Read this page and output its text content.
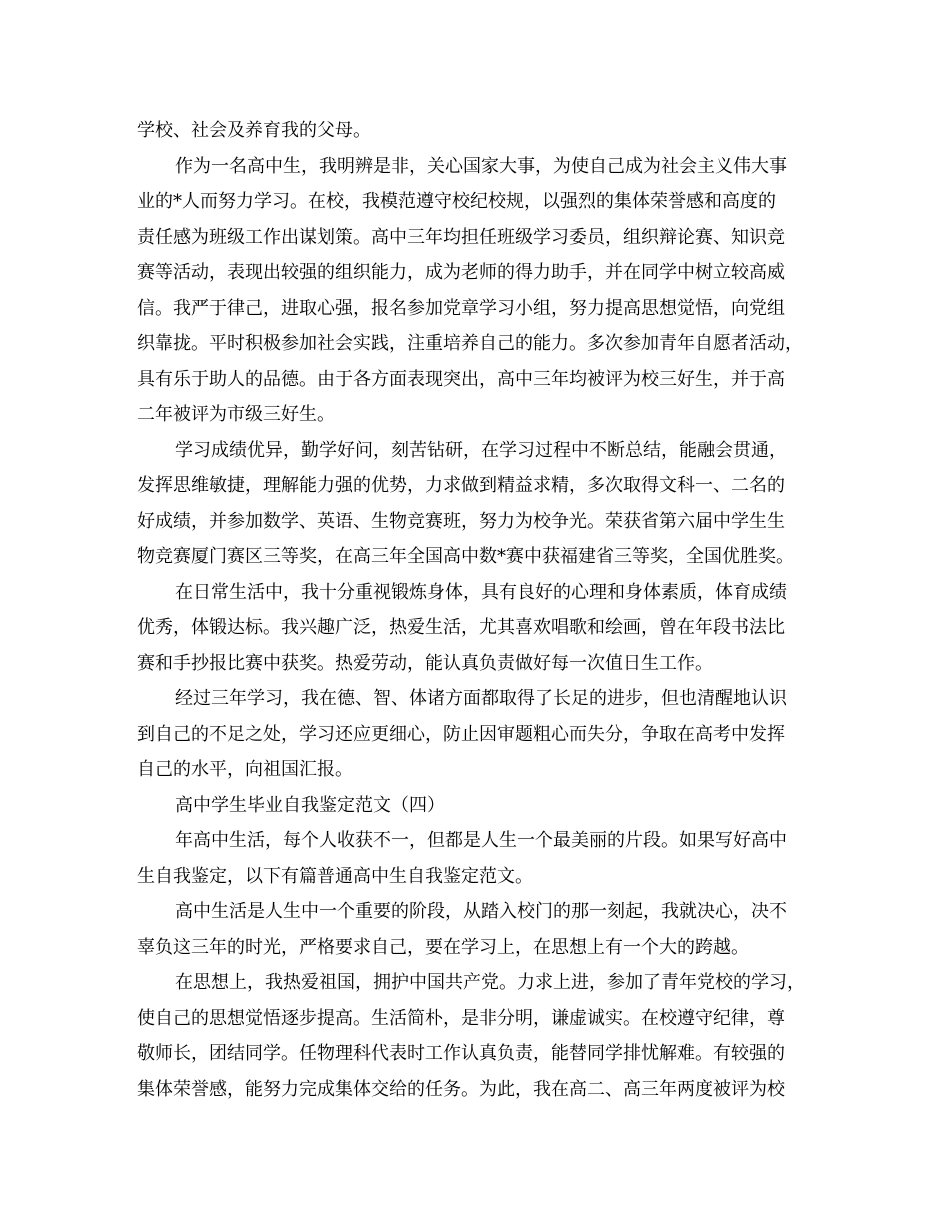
学校、社会及养育我的父母。
作为一名高中生，我明辨是非，关心国家大事，为使自己成为社会主义伟大事
业的*人而努力学习。在校，我模范遵守校纪校规，以强烈的集体荣誉感和高度的
责任感为班级工作出谋划策。高中三年均担任班级学习委员，组织辩论赛、知识竞
赛等活动，表现出较强的组织能力，成为老师的得力助手，并在同学中树立较高威
信。我严于律己，进取心强，报名参加党章学习小组，努力提高思想觉悟，向党组
织靠拢。平时积极参加社会实践，注重培养自己的能力。多次参加青年自愿者活动，
具有乐于助人的品德。由于各方面表现突出，高中三年均被评为校三好生，并于高
二年被评为市级三好生。
学习成绩优异，勤学好问，刻苦钻研，在学习过程中不断总结，能融会贯通，
发挥思维敏捷，理解能力强的优势，力求做到精益求精，多次取得文科一、二名的
好成绩，并参加数学、英语、生物竞赛班，努力为校争光。荣获省第六届中学生生
物竞赛厦门赛区三等奖，在高三年全国高中数*赛中获福建省三等奖，全国优胜奖。
在日常生活中，我十分重视锻炼身体，具有良好的心理和身体素质，体育成绩
优秀，体锻达标。我兴趣广泛，热爱生活，尤其喜欢唱歌和绘画，曾在年段书法比
赛和手抄报比赛中获奖。热爱劳动，能认真负责做好每一次值日生工作。
经过三年学习，我在德、智、体诸方面都取得了长足的进步，但也清醒地认识
到自己的不足之处，学习还应更细心，防止因审题粗心而失分，争取在高考中发挥
自己的水平，向祖国汇报。
高中学生毕业自我鉴定范文（四）
年高中生活，每个人收获不一，但都是人生一个最美丽的片段。如果写好高中
生自我鉴定，以下有篇普通高中生自我鉴定范文。
高中生活是人生中一个重要的阶段，从踏入校门的那一刻起，我就决心，决不
辜负这三年的时光，严格要求自己，要在学习上，在思想上有一个大的跨越。
在思想上，我热爱祖国，拥护中国共产党。力求上进，参加了青年党校的学习，
使自己的思想觉悟逐步提高。生活简朴，是非分明，谦虚诚实。在校遵守纪律，尊
敬师长，团结同学。任物理科代表时工作认真负责，能替同学排忧解难。有较强的
集体荣誉感，能努力完成集体交给的任务。为此，我在高二、高三年两度被评为校
